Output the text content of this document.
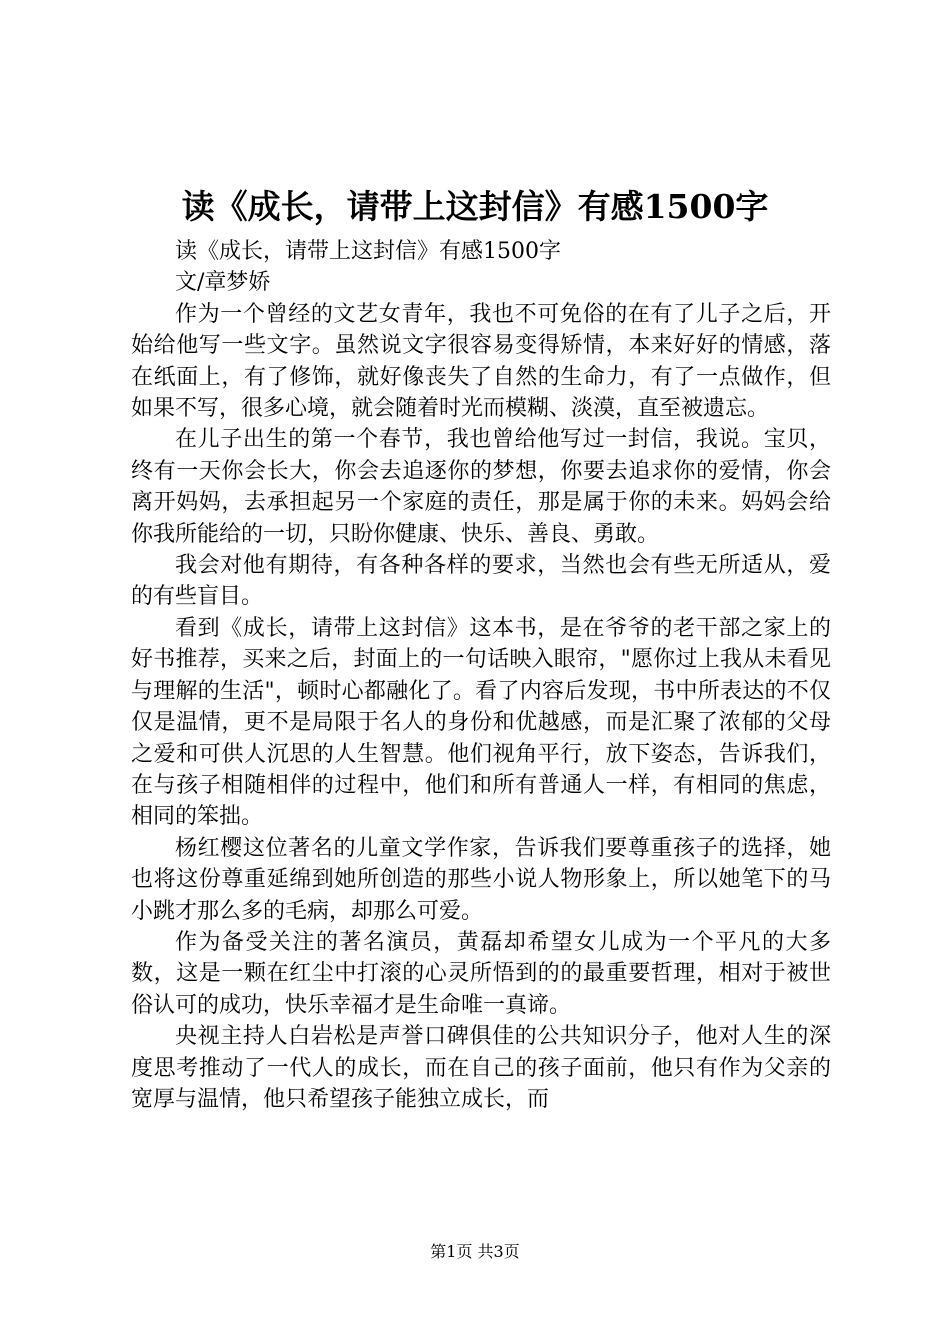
读《成长，请带上这封信》有感1500字

读《成长，请带上这封信》有感1500字

文/章梦娇

作为一个曾经的文艺女青年，我也不可免俗的在有了儿子之后，开始给他写一些文字。虽然说文字很容易变得矫情，本来好好的情感，落在纸面上，有了修饰，就好像丧失了自然的生命力，有了一点做作，但如果不写，很多心境，就会随着时光而模糊、淡漠，直至被遗忘。

在儿子出生的第一个春节，我也曾给他写过一封信，我说。宝贝，终有一天你会长大，你会去追逐你的梦想，你要去追求你的爱情，你会离开妈妈，去承担起另一个家庭的责任，那是属于你的未来。妈妈会给你我所能给的一切，只盼你健康、快乐、善良、勇敢。

我会对他有期待，有各种各样的要求，当然也会有些无所适从，爱的有些盲目。

看到《成长，请带上这封信》这本书，是在爷爷的老干部之家上的好书推荐，买来之后，封面上的一句话映入眼帘，"愿你过上我从未看见与理解的生活"，顿时心都融化了。看了内容后发现，书中所表达的不仅仅是温情，更不是局限于名人的身份和优越感，而是汇聚了浓郁的父母之爱和可供人沉思的人生智慧。他们视角平行，放下姿态，告诉我们，在与孩子相随相伴的过程中，他们和所有普通人一样，有相同的焦虑，相同的笨拙。

杨红樱这位著名的儿童文学作家，告诉我们要尊重孩子的选择，她也将这份尊重延绵到她所创造的那些小说人物形象上，所以她笔下的马小跳才那么多的毛病，却那么可爱。

作为备受关注的著名演员，黄磊却希望女儿成为一个平凡的大多数，这是一颗在红尘中打滚的心灵所悟到的的最重要哲理，相对于被世俗认可的成功，快乐幸福才是生命唯一真谛。

央视主持人白岩松是声誉口碑俱佳的公共知识分子，他对人生的深度思考推动了一代人的成长，而在自己的孩子面前，他只有作为父亲的宽厚与温情，他只希望孩子能独立成长，而

第1页 共3页
